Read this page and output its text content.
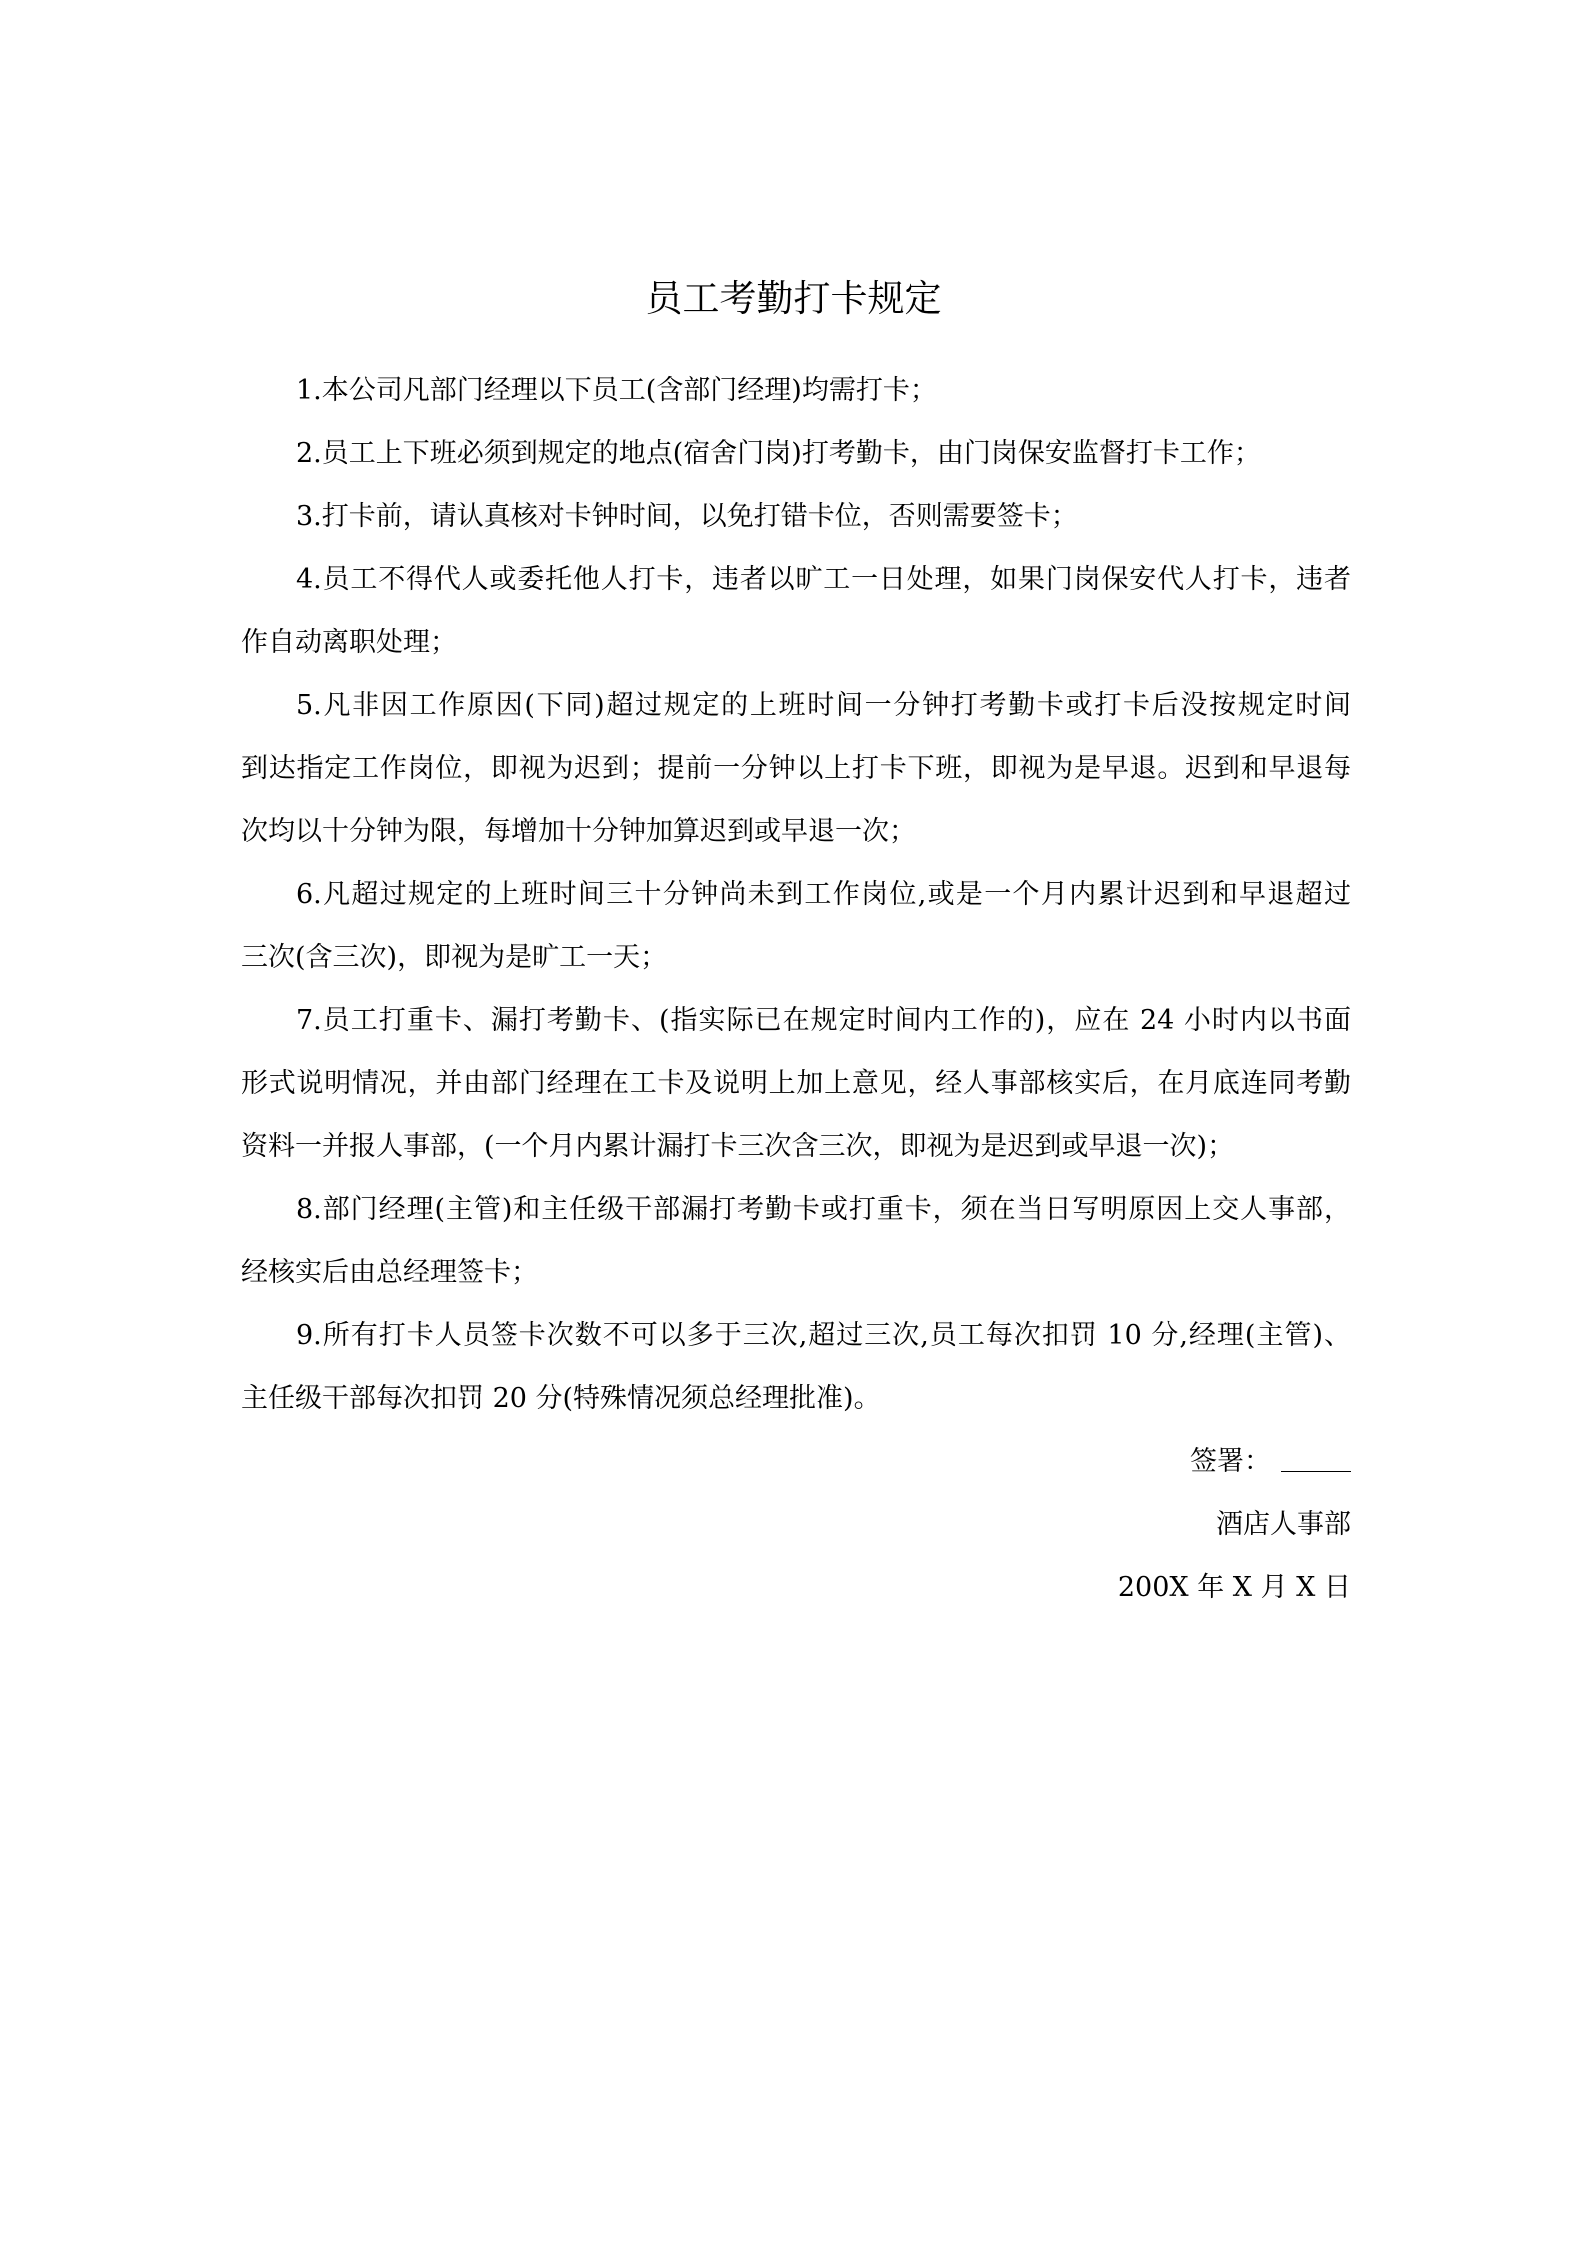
员工考勤打卡规定
1.本公司凡部门经理以下员工(含部门经理)均需打卡；
2.员工上下班必须到规定的地点(宿舍门岗)打考勤卡，由门岗保安监督打卡工作；
3.打卡前，请认真核对卡钟时间，以免打错卡位，否则需要签卡；
4.员工不得代人或委托他人打卡，违者以旷工一日处理，如果门岗保安代人打卡，违者
作自动离职处理；
5.凡非因工作原因(下同)超过规定的上班时间一分钟打考勤卡或打卡后没按规定时间
到达指定工作岗位，即视为迟到；提前一分钟以上打卡下班，即视为是早退。迟到和早退每
次均以十分钟为限，每增加十分钟加算迟到或早退一次；
6.凡超过规定的上班时间三十分钟尚未到工作岗位,或是一个月内累计迟到和早退超过
三次(含三次)，即视为是旷工一天；
7.员工打重卡、漏打考勤卡、(指实际已在规定时间内工作的)，应在 24 小时内以书面
形式说明情况，并由部门经理在工卡及说明上加上意见，经人事部核实后，在月底连同考勤
资料一并报人事部，(一个月内累计漏打卡三次含三次，即视为是迟到或早退一次)；
8.部门经理(主管)和主任级干部漏打考勤卡或打重卡，须在当日写明原因上交人事部，
经核实后由总经理签卡；
9.所有打卡人员签卡次数不可以多于三次,超过三次,员工每次扣罚 10 分,经理(主管)、
主任级干部每次扣罚 20 分(特殊情况须总经理批准)。
签署：
酒店人事部
200X 年 X 月 X 日
